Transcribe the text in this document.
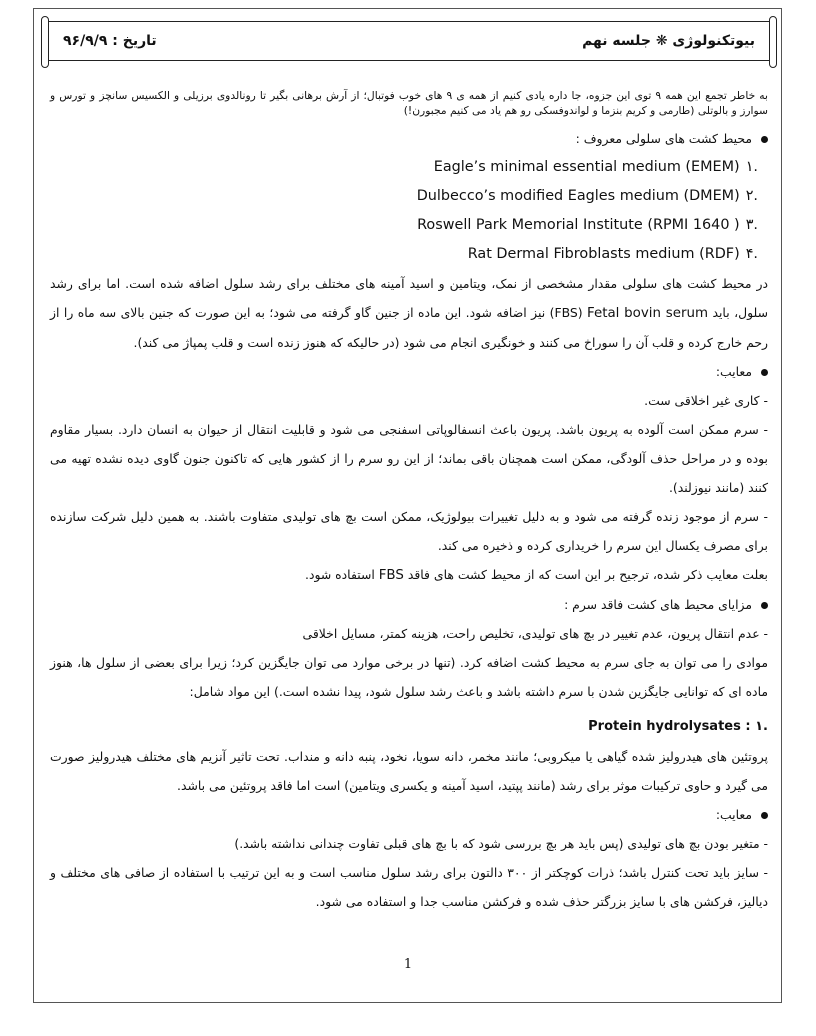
تاریخ : ۹۶/۹/۹	بیوتکنولوژی ❋ جلسه نهم

به خاطر تجمع این همه ۹ توی این جزوه، جا داره یادی کنیم از همه ی ۹ های خوب فوتبال؛ از آرش برهانی بگیر تا رونالدوی برزیلی و الکسیس سانچز و تورس و سوارز و بالوتلی (طارمی و کریم بنزما و لواندوفسکی رو هم یاد می کنیم مجبورن!)

محیط کشت های سلولی معروف :

.۱Eagle’s minimal essential medium (EMEM)

.۲Dulbecco’s modified Eagles medium (DMEM)

.۳Roswell Park Memorial Institute (RPMI 1640 )

.۴Rat Dermal Fibroblasts medium (RDF)

در محیط کشت های سلولی مقدار مشخصی از نمک، ویتامین و اسید آمینه های مختلف برای رشد سلول اضافه شده است. اما برای رشد سلول، باید Fetal bovin serum (FBS) نیز اضافه شود. این ماده از جنین گاو گرفته می شود؛ به این صورت که جنین بالای سه ماه را از رحم خارج کرده و قلب آن را سوراخ می کنند و خونگیری انجام می شود (در حالیکه که هنوز زنده است و قلب پمپاژ می کند).

معایب:

- کاری غیر اخلاقی ست.

- سرم ممکن است آلوده به پریون باشد. پریون باعث انسفالوپاتی اسفنجی می شود و قابلیت انتقال از حیوان به انسان دارد. بسیار مقاوم بوده و در مراحل حذف آلودگی، ممکن است همچنان باقی بماند؛ از این رو سرم را از کشور هایی که تاکنون جنون گاوی دیده نشده تهیه می کنند (مانند نیوزلند).

- سرم از موجود زنده گرفته می شود و به دلیل تغییرات بیولوژیک، ممکن است بچ های تولیدی متفاوت باشند. به همین دلیل شرکت سازنده برای مصرف یکسال این سرم را خریداری کرده و ذخیره می کند.

بعلت معایب ذکر شده، ترجیح بر این است که از محیط کشت های فاقد FBS استفاده شود.

مزایای محیط های کشت فاقد سرم :

- عدم انتقال پریون، عدم تغییر در بچ های تولیدی، تخلیص راحت، هزینه کمتر، مسایل اخلاقی

موادی را می توان به جای سرم به محیط کشت اضافه کرد. (تنها در برخی موارد می توان جایگزین کرد؛ زیرا برای بعضی از سلول ها، هنوز ماده ای که توانایی جایگزین شدن با سرم داشته باشد و باعث رشد سلول شود، پیدا نشده است.) این مواد شامل:

.۱ Protein hydrolysates :

پروتئین های هیدرولیز شده گیاهی یا میکروبی؛ مانند مخمر، دانه سویا، نخود، پنبه دانه و منداب. تحت تاثیر آنزیم های مختلف هیدرولیز صورت می گیرد و حاوی ترکیبات موثر برای رشد (مانند پپتید، اسید آمینه و یکسری ویتامین) است اما فاقد پروتئین می باشد.

معایب:

- متغیر بودن بچ های تولیدی (پس باید هر بچ بررسی شود که با بچ های قبلی تفاوت چندانی نداشته باشد.)

- سایز باید تحت کنترل باشد؛ ذرات کوچکتر از ۳۰۰ دالتون برای رشد سلول مناسب است و به این ترتیب با استفاده از صافی های مختلف و دیالیز، فرکشن های با سایز بزرگتر حذف شده و فرکشن مناسب جدا و استفاده می شود.

1
